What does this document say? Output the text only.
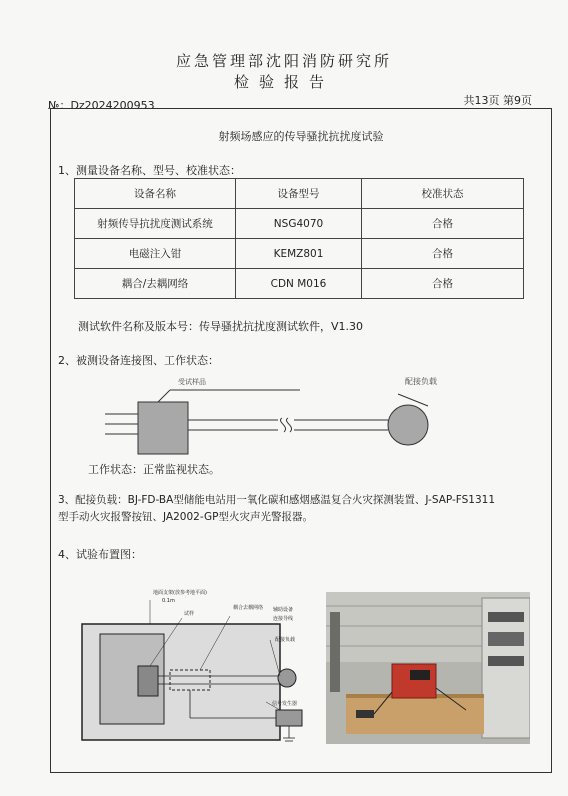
应急管理部沈阳消防研究所
检验报告
№：Dz2024200953	共13页 第9页
射频场感应的传导骚扰抗扰度试验
1、测量设备名称、型号、校准状态：
设备名称	设备型号	校准状态
射频传导抗扰度测试系统	NSG4070	合格
电磁注入钳	KEMZ801	合格
耦合/去耦网络	CDN M016	合格
测试软件名称及版本号：传导骚扰抗扰度测试软件，V1.30
2、被测设备连接图、工作状态：
受试样品	配接负载
工作状态：正常监视状态。
3、配接负载：BJ-FD-BA型储能电站用一氧化碳和感烟感温复合火灾探测装置、J-SAP-FS1311
型手动火灾报警按钮、JA2002-GP型火灾声光警报器。
4、试验布置图：
地面支架(放参考地平面)
0.1m
试样
耦合去耦网络 辅助设备
连接导线
配接负载
信号发生器
